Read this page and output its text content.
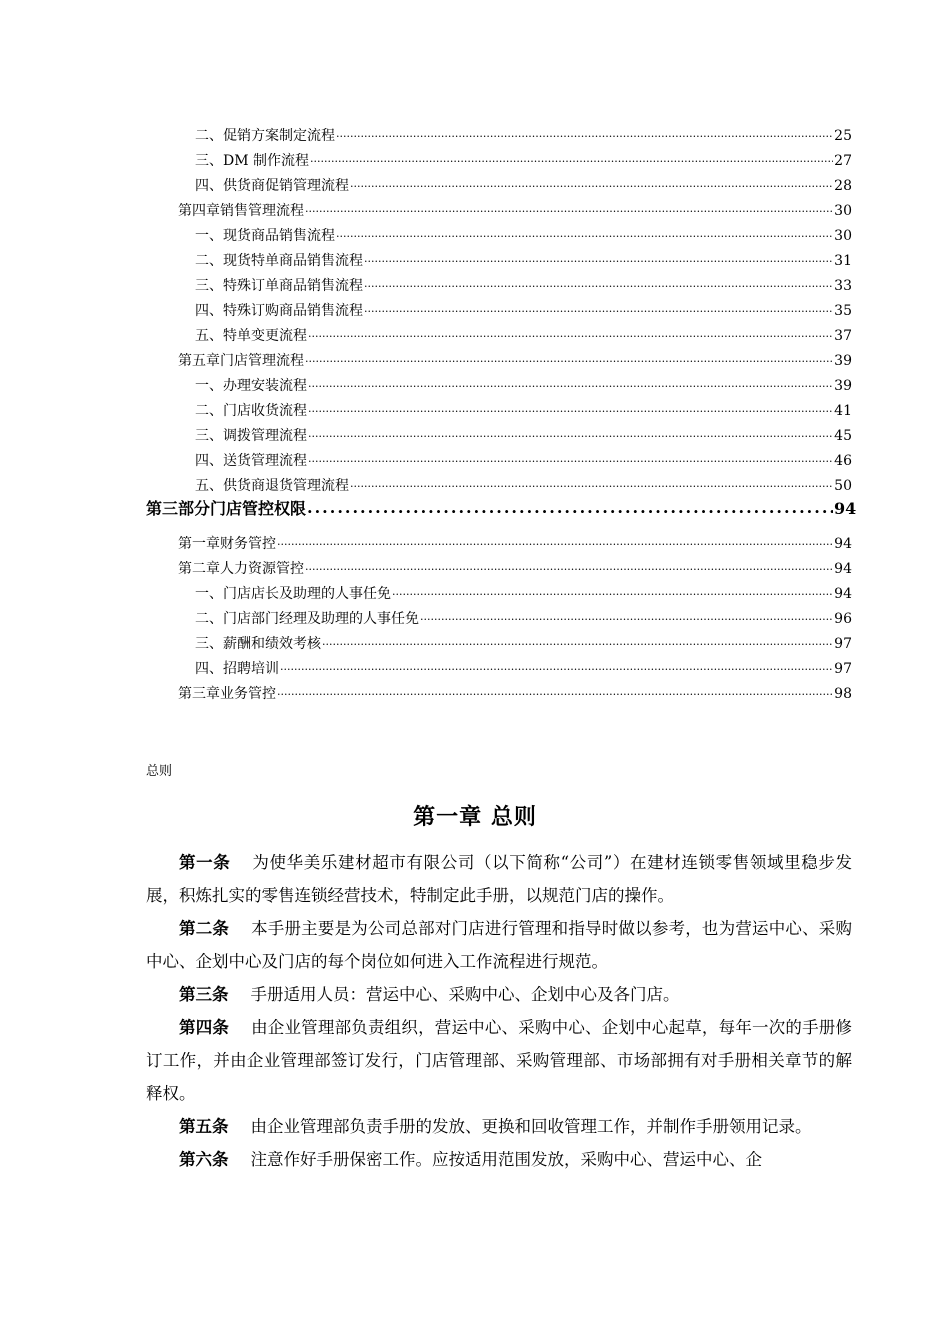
二、 促销方案制定流程 .....	25
三、 DM 制作流程 .....	27
四、 供货商促销管理流程 .....	28
第四章 销售管理流程 .....	30
一、 现货商品销售流程 .....	30
二、 现货特单商品销售流程 .....	31
三、 特殊订单商品销售流程 .....	33
四、 特殊订购商品销售流程 .....	35
五、 特单变更流程 .....	37
第五章 门店管理流程 .....	39
一、 办理安装流程 .....	39
二、 门店收货流程 .....	41
三、 调拨管理流程 .....	45
四、 送货管理流程 .....	46
五、 供货商退货管理流程 .....	50
第三部分 门店管控权限 .....	94
第一章 财务管控 .....	94
第二章 人力资源管控 .....	94
一、 门店店长及助理的人事任免 .....	94
二、 门店部门经理及助理的人事任免 .....	96
三、 薪酬和绩效考核 .....	97
四、 招聘培训 .....	97
第三章 业务管控 .....	98
总则
第一章 总则

第一条 为使华美乐建材超市有限公司（以下简称“公司”）在建材连锁零售领域里稳步发展，积炼扎实的零售连锁经营技术，特制定此手册，以规范门店的操作。

第二条 本手册主要是为公司总部对门店进行管理和指导时做以参考，也为营运中心、采购中心、企划中心及门店的每个岗位如何进入工作流程进行规范。

第三条 手册适用人员：营运中心、采购中心、企划中心及各门店。

第四条 由企业管理部负责组织，营运中心、采购中心、企划中心起草，每年一次的手册修订工作，并由企业管理部签订发行，门店管理部、采购管理部、市场部拥有对手册相关章节的解释权。

第五条 由企业管理部负责手册的发放、更换和回收管理工作，并制作手册领用记录。

第六条 注意作好手册保密工作。应按适用范围发放，采购中心、营运中心、企
